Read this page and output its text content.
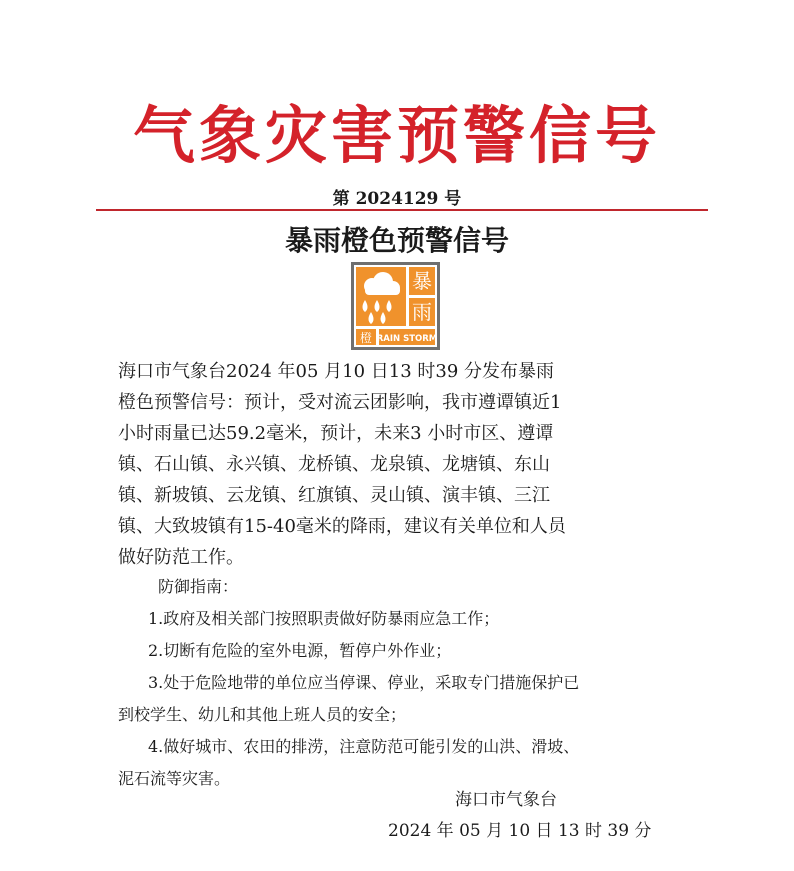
气象灾害预警信号
第 2024129 号
暴雨橙色预警信号
暴
雨
橙 RAIN STORM
海口市气象台2024 年05 月10 日13 时39 分发布暴雨
橙色预警信号：预计，受对流云团影响，我市遵谭镇近1
小时雨量已达59.2毫米，预计，未来3 小时市区、遵谭
镇、石山镇、永兴镇、龙桥镇、龙泉镇、龙塘镇、东山
镇、新坡镇、云龙镇、红旗镇、灵山镇、演丰镇、三江
镇、大致坡镇有15-40毫米的降雨，建议有关单位和人员
做好防范工作。
防御指南：
1.政府及相关部门按照职责做好防暴雨应急工作；
2.切断有危险的室外电源，暂停户外作业；
3.处于危险地带的单位应当停课、停业，采取专门措施保护已
到校学生、幼儿和其他上班人员的安全；
4.做好城市、农田的排涝，注意防范可能引发的山洪、滑坡、
泥石流等灾害。
海口市气象台
2024 年 05 月 10 日 13 时 39 分
